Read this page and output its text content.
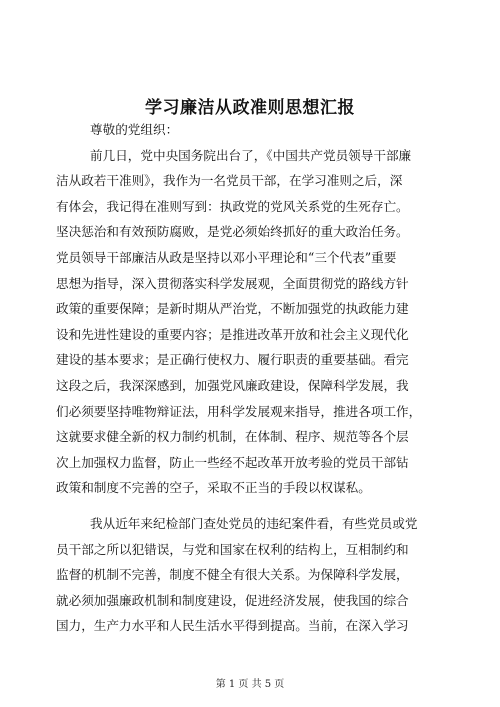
学习廉洁从政准则思想汇报
尊敬的党组织：
前几日，党中央国务院出台了，《中国共产党员领导干部廉
洁从政若干准则》，我作为一名党员干部，在学习准则之后，深
有体会，我记得在准则写到：执政党的党风关系党的生死存亡。
坚决惩治和有效预防腐败，是党必须始终抓好的重大政治任务。
党员领导干部廉洁从政是坚持以邓小平理论和“三个代表”重要
思想为指导，深入贯彻落实科学发展观，全面贯彻党的路线方针
政策的重要保障；是新时期从严治党，不断加强党的执政能力建
设和先进性建设的重要内容；是推进改革开放和社会主义现代化
建设的基本要求；是正确行使权力、履行职责的重要基础。看完
这段之后，我深深感到，加强党风廉政建设，保障科学发展，我
们必须要坚持唯物辩证法，用科学发展观来指导，推进各项工作，
这就要求健全新的权力制约机制，在体制、程序、规范等各个层
次上加强权力监督，防止一些经不起改革开放考验的党员干部钻
政策和制度不完善的空子，采取不正当的手段以权谋私。
我从近年来纪检部门查处党员的违纪案件看，有些党员或党
员干部之所以犯错误，与党和国家在权利的结构上，互相制约和
监督的机制不完善，制度不健全有很大关系。为保障科学发展，
就必须加强廉政机制和制度建设，促进经济发展，使我国的综合
国力，生产力水平和人民生活水平得到提高。当前，在深入学习
第 1 页 共 5 页
